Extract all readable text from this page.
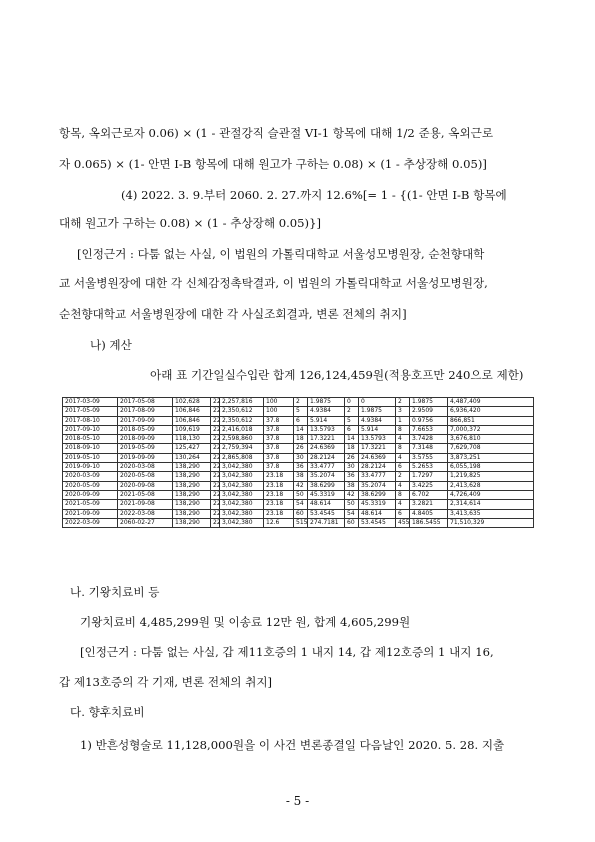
항목, 옥외근로자 0.06) × (1 - 관절강직 슬관절 VI-1 항목에 대해 1/2 준용, 옥외근로
자 0.065) × (1- 안면 I-B 항목에 대해 원고가 구하는 0.08) × (1 - 추상장해 0.05)]
(4) 2022. 3. 9.부터 2060. 2. 27.까지 12.6%[= 1 - {(1- 안면 I-B 항목에
대해 원고가 구하는 0.08) × (1 - 추상장해 0.05)}]
[인정근거 : 다툼 없는 사실, 이 법원의 가톨릭대학교 서울성모병원장, 순천향대학
교 서울병원장에 대한 각 신체감정촉탁결과, 이 법원의 가톨릭대학교 서울성모병원장,
순천향대학교 서울병원장에 대한 각 사실조회결과, 변론 전체의 취지]
나) 계산
아래 표 기간일실수입란 합계 126,124,459원(적용호프만 240으로 제한)
2017-03-09	2017-05-08	102,628	22	2,257,816	100	2	1.9875	0	0	2	1.9875	4,487,409
2017-05-09	2017-08-09	106,846	22	2,350,612	100	5	4.9384	2	1.9875	3	2.9509	6,936,420
2017-08-10	2017-09-09	106,846	22	2,350,612	37.8	6	5.914	5	4.9384	1	0.9756	866,851
2017-09-10	2018-05-09	109,619	22	2,416,018	37.8	14	13.5793	6	5.914	8	7.6653	7,000,372
2018-05-10	2018-09-09	118,130	22	2,598,860	37.8	18	17.3221	14	13.5793	4	3.7428	3,676,810
2018-09-10	2019-05-09	125,427	22	2,759,394	37.8	26	24.6369	18	17.3221	8	7.3148	7,629,708
2019-05-10	2019-09-09	130,264	22	2,865,808	37.8	30	28.2124	26	24.6369	4	3.5755	3,873,251
2019-09-10	2020-03-08	138,290	22	3,042,380	37.8	36	33.4777	30	28.2124	6	5.2653	6,055,198
2020-03-09	2020-05-08	138,290	22	3,042,380	23.18	38	35.2074	36	33.4777	2	1.7297	1,219,825
2020-05-09	2020-09-08	138,290	22	3,042,380	23.18	42	38.6299	38	35.2074	4	3.4225	2,413,628
2020-09-09	2021-05-08	138,290	22	3,042,380	23.18	50	45.3319	42	38.6299	8	6.702	4,726,409
2021-05-09	2021-09-08	138,290	22	3,042,380	23.18	54	48.614	50	45.3319	4	3.2821	2,314,614
2021-09-09	2022-03-08	138,290	22	3,042,380	23.18	60	53.4545	54	48.614	6	4.8405	3,413,635
2022-03-09	2060-02-27	138,290	22	3,042,380	12.6	515	274.7181	60	53.4545	455	186.5455	71,510,329
나. 기왕치료비 등
기왕치료비 4,485,299원 및 이송료 12만 원, 합계 4,605,299원
[인정근거 : 다툼 없는 사실, 갑 제11호증의 1 내지 14, 갑 제12호증의 1 내지 16,
갑 제13호증의 각 기재, 변론 전체의 취지]
다. 향후치료비
1) 반흔성형술로 11,128,000원을 이 사건 변론종결일 다음날인 2020. 5. 28. 지출
- 5 -
